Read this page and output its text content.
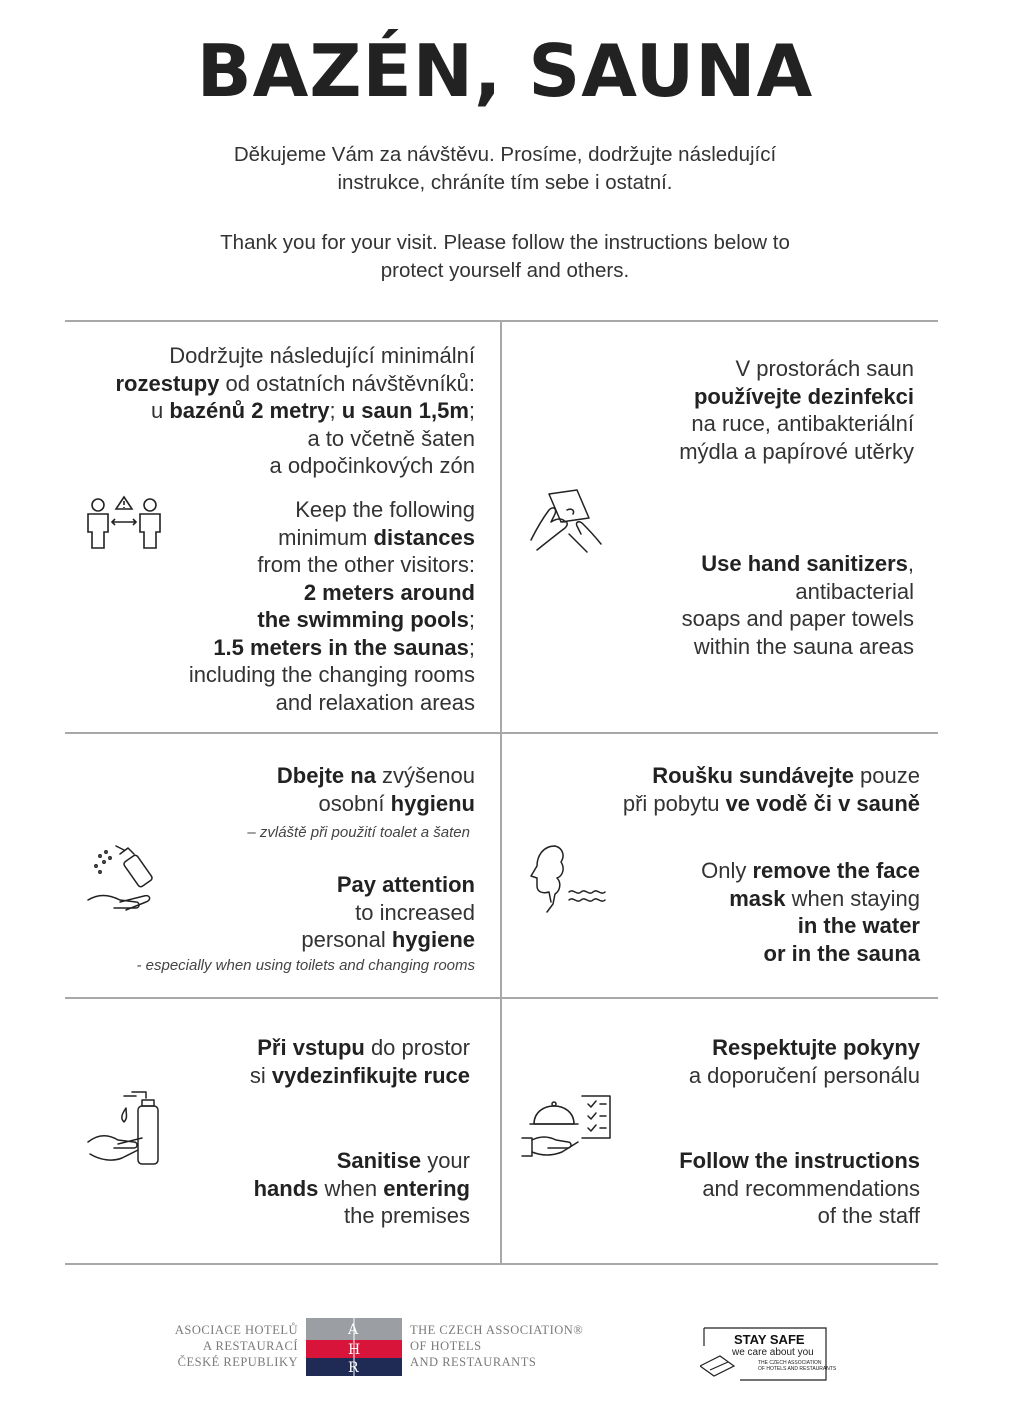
BAZÉN, SAUNA
Děkujeme Vám za návštěvu. Prosíme, dodržujte následující
instrukce, chráníte tím sebe i ostatní.
Thank you for your visit. Please follow the instructions below to
protect yourself and others.
Dodržujte následující minimální
rozestupy od ostatních návštěvníků:
u bazénů 2 metry; u saun 1,5m;
a to včetně šaten
a odpočinkových zón
Keep the following
minimum distances
from the other visitors:
2 meters around
the swimming pools;
1.5 meters in the saunas;
including the changing rooms
and relaxation areas
V prostorách saun
používejte dezinfekci
na ruce, antibakteriální
mýdla a papírové utěrky
Use hand sanitizers,
antibacterial
soaps and paper towels
within the sauna areas
Dbejte na zvýšenou
osobní hygienu
– zvláště při použití toalet a šaten
Pay attention
to increased
personal hygiene
- especially when using toilets and changing rooms
Roušku sundávejte pouze
při pobytu ve vodě či v sauně
Only remove the face
mask when staying
in the water
or in the sauna
Při vstupu do prostor
si vydezinfikujte ruce
Sanitise your
hands when entering
the premises
Respektujte pokyny
a doporučení personálu
Follow the instructions
and recommendations
of the staff
ASOCIACE HOTELŮ
A RESTAURACÍ
ČESKÉ REPUBLIKY
A
H
R
THE CZECH ASSOCIATION®
OF HOTELS
AND RESTAURANTS
STAY SAFE
we care about you
THE CZECH ASSOCIATION
OF HOTELS AND RESTAURANTS
